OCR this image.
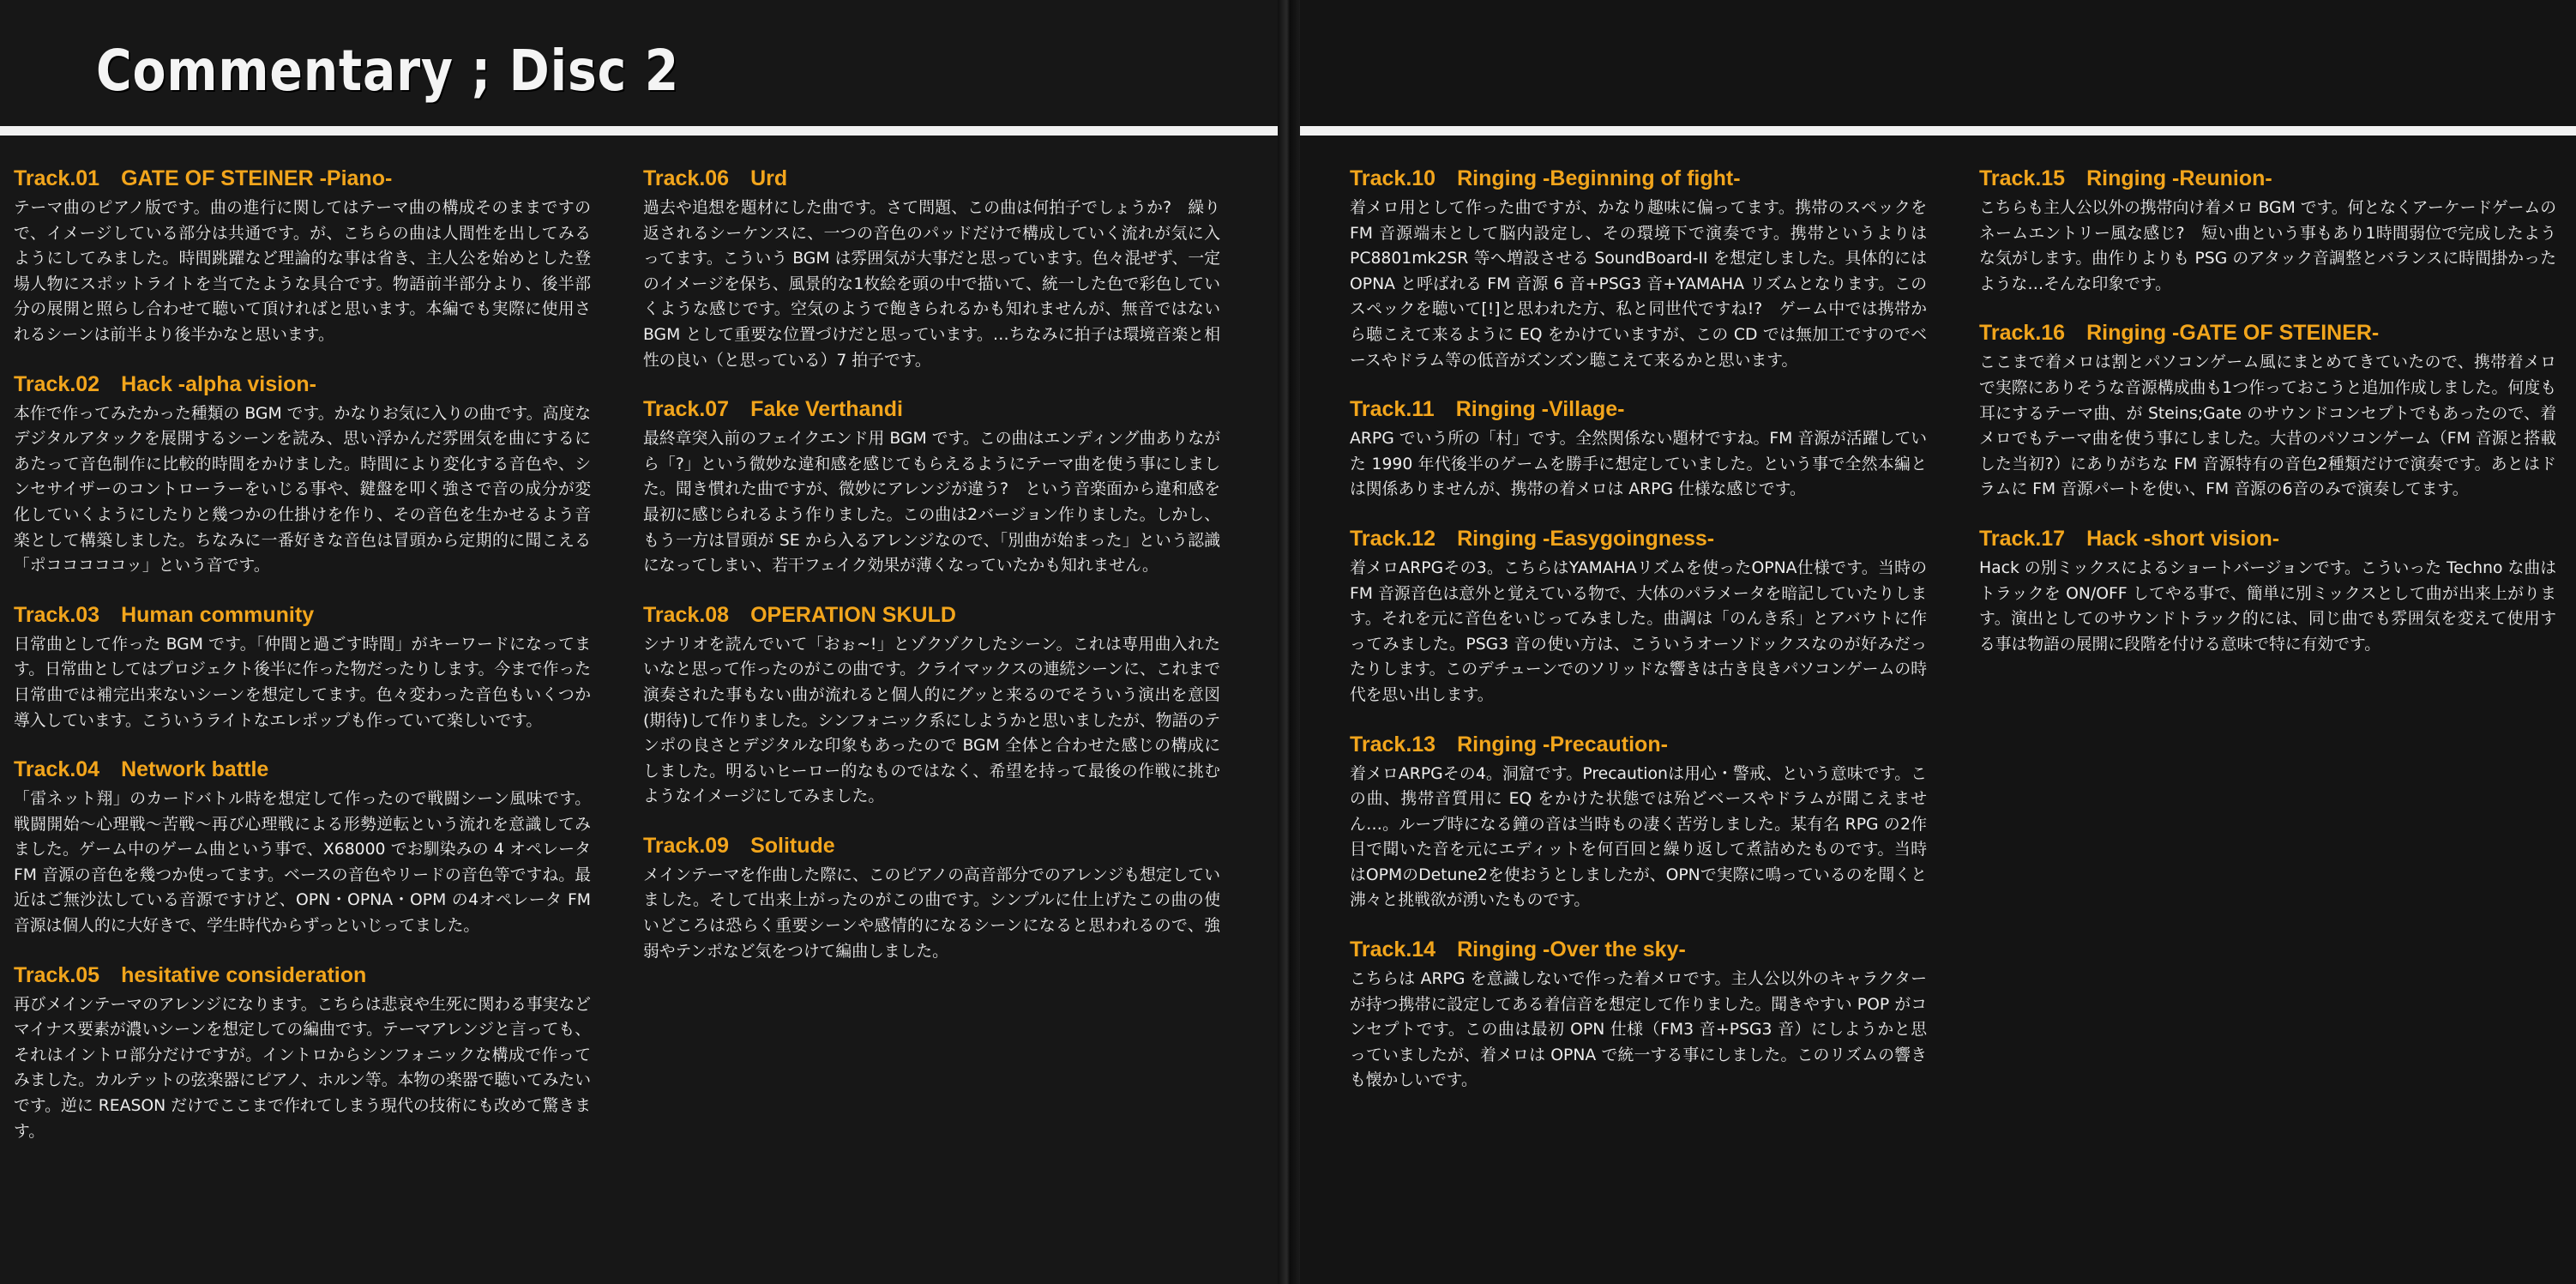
Commentary ; Disc 2
Track.01　GATE OF STEINER -Piano-

テーマ曲のピアノ版です。曲の進行に関してはテーマ曲の構成そのままですので、イメージしている部分は共通です。が、こちらの曲は人間性を出してみるようにしてみました。時間跳躍など理論的な事は省き、主人公を始めとした登場人物にスポットライトを当てたような具合です。物語前半部分より、後半部分の展開と照らし合わせて聴いて頂ければと思います。本編でも実際に使用されるシーンは前半より後半かなと思います。

Track.02　Hack -alpha vision-

本作で作ってみたかった種類の BGM です。かなりお気に入りの曲です。高度なデジタルアタックを展開するシーンを読み、思い浮かんだ雰囲気を曲にするにあたって音色制作に比較的時間をかけました。時間により変化する音色や、シンセサイザーのコントローラーをいじる事や、鍵盤を叩く強さで音の成分が変化していくようにしたりと幾つかの仕掛けを作り、その音色を生かせるよう音楽として構築しました。ちなみに一番好きな音色は冒頭から定期的に聞こえる「ポコココココッ」という音です。

Track.03　Human community

日常曲として作った BGM です。「仲間と過ごす時間」がキーワードになってます。日常曲としてはプロジェクト後半に作った物だったりします。今まで作った日常曲では補完出来ないシーンを想定してます。色々変わった音色もいくつか導入しています。こういうライトなエレポップも作っていて楽しいです。

Track.04　Network battle

「雷ネット翔」のカードバトル時を想定して作ったので戦闘シーン風味です。戦闘開始～心理戦～苦戦～再び心理戦による形勢逆転という流れを意識してみました。ゲーム中のゲーム曲という事で、X68000 でお馴染みの 4 オペレータ FM 音源の音色を幾つか使ってます。ベースの音色やリードの音色等ですね。最近はご無沙汰している音源ですけど、OPN・OPNA・OPM の4オペレータ FM 音源は個人的に大好きで、学生時代からずっといじってました。

Track.05　hesitative consideration

再びメインテーマのアレンジになります。こちらは悲哀や生死に関わる事実などマイナス要素が濃いシーンを想定しての編曲です。テーマアレンジと言っても、それはイントロ部分だけですが。イントロからシンフォニックな構成で作ってみました。カルテットの弦楽器にピアノ、ホルン等。本物の楽器で聴いてみたいです。逆に REASON だけでここまで作れてしまう現代の技術にも改めて驚きます。

Track.06　Urd

過去や追想を題材にした曲です。さて問題、この曲は何拍子でしょうか?　繰り返されるシーケンスに、一つの音色のパッドだけで構成していく流れが気に入ってます。こういう BGM は雰囲気が大事だと思っています。色々混ぜず、一定のイメージを保ち、風景的な1枚絵を頭の中で描いて、統一した色で彩色していくような感じです。空気のようで飽きられるかも知れませんが、無音ではない BGM として重要な位置づけだと思っています。…ちなみに拍子は環境音楽と相性の良い（と思っている）7 拍子です。

Track.07　Fake Verthandi

最終章突入前のフェイクエンド用 BGM です。この曲はエンディング曲ありながら「?」という微妙な違和感を感じてもらえるようにテーマ曲を使う事にしました。聞き慣れた曲ですが、微妙にアレンジが違う?　という音楽面から違和感を最初に感じられるよう作りました。この曲は2バージョン作りました。しかし、もう一方は冒頭が SE から入るアレンジなので、「別曲が始まった」という認識になってしまい、若干フェイク効果が薄くなっていたかも知れません。

Track.08　OPERATION SKULD

シナリオを読んでいて「おぉ~!」とゾクゾクしたシーン。これは専用曲入れたいなと思って作ったのがこの曲です。クライマックスの連続シーンに、これまで演奏された事もない曲が流れると個人的にグッと来るのでそういう演出を意図(期待)して作りました。シンフォニック系にしようかと思いましたが、物語のテンポの良さとデジタルな印象もあったので BGM 全体と合わせた感じの構成にしました。明るいヒーロー的なものではなく、希望を持って最後の作戦に挑むようなイメージにしてみました。

Track.09　Solitude

メインテーマを作曲した際に、このピアノの高音部分でのアレンジも想定していました。そして出来上がったのがこの曲です。シンプルに仕上げたこの曲の使いどころは恐らく重要シーンや感情的になるシーンになると思われるので、強弱やテンポなど気をつけて編曲しました。

Track.10　Ringing -Beginning of fight-

着メロ用として作った曲ですが、かなり趣味に偏ってます。携帯のスペックを FM 音源端末として脳内設定し、その環境下で演奏です。携帯というよりは PC8801mk2SR 等へ増設させる SoundBoard-II を想定しました。具体的には OPNA と呼ばれる FM 音源 6 音+PSG3 音+YAMAHA リズムとなります。このスペックを聴いて[!]と思われた方、私と同世代ですね!?　ゲーム中では携帯から聴こえて来るように EQ をかけていますが、この CD では無加工ですのでベースやドラム等の低音がズンズン聴こえて来るかと思います。

Track.11　Ringing -Village-

ARPG でいう所の「村」です。全然関係ない題材ですね。FM 音源が活躍していた 1990 年代後半のゲームを勝手に想定していました。という事で全然本編とは関係ありませんが、携帯の着メロは ARPG 仕様な感じです。

Track.12　Ringing -Easygoingness-

着メロARPGその3。こちらはYAMAHAリズムを使ったOPNA仕様です。当時の FM 音源音色は意外と覚えている物で、大体のパラメータを暗記していたりします。それを元に音色をいじってみました。曲調は「のんき系」とアバウトに作ってみました。PSG3 音の使い方は、こういうオーソドックスなのが好みだったりします。このデチューンでのソリッドな響きは古き良きパソコンゲームの時代を思い出します。

Track.13　Ringing -Precaution-

着メロARPGその4。洞窟です。Precautionは用心・警戒、という意味です。この曲、携帯音質用に EQ をかけた状態では殆どベースやドラムが聞こえません…。ループ時になる鐘の音は当時もの凄く苦労しました。某有名 RPG の2作目で聞いた音を元にエディットを何百回と繰り返して煮詰めたものです。当時はOPMのDetune2を使おうとしましたが、OPNで実際に鳴っているのを聞くと沸々と挑戦欲が湧いたものです。

Track.14　Ringing -Over the sky-

こちらは ARPG を意識しないで作った着メロです。主人公以外のキャラクターが持つ携帯に設定してある着信音を想定して作りました。聞きやすい POP がコンセプトです。この曲は最初 OPN 仕様（FM3 音+PSG3 音）にしようかと思っていましたが、着メロは OPNA で統一する事にしました。このリズムの響きも懐かしいです。

Track.15　Ringing -Reunion-

こちらも主人公以外の携帯向け着メロ BGM です。何となくアーケードゲームのネームエントリー風な感じ?　短い曲という事もあり1時間弱位で完成したような気がします。曲作りよりも PSG のアタック音調整とバランスに時間掛かったような…そんな印象です。

Track.16　Ringing -GATE OF STEINER-

ここまで着メロは割とパソコンゲーム風にまとめてきていたので、携帯着メロで実際にありそうな音源構成曲も1つ作っておこうと追加作成しました。何度も耳にするテーマ曲、が Steins;Gate のサウンドコンセプトでもあったので、着メロでもテーマ曲を使う事にしました。大昔のパソコンゲーム（FM 音源と搭載した当初?）にありがちな FM 音源特有の音色2種類だけで演奏です。あとはドラムに FM 音源パートを使い、FM 音源の6音のみで演奏してます。

Track.17　Hack -short vision-

Hack の別ミックスによるショートバージョンです。こういった Techno な曲はトラックを ON/OFF してやる事で、簡単に別ミックスとして曲が出来上がります。演出としてのサウンドトラック的には、同じ曲でも雰囲気を変えて使用する事は物語の展開に段階を付ける意味で特に有効です。
